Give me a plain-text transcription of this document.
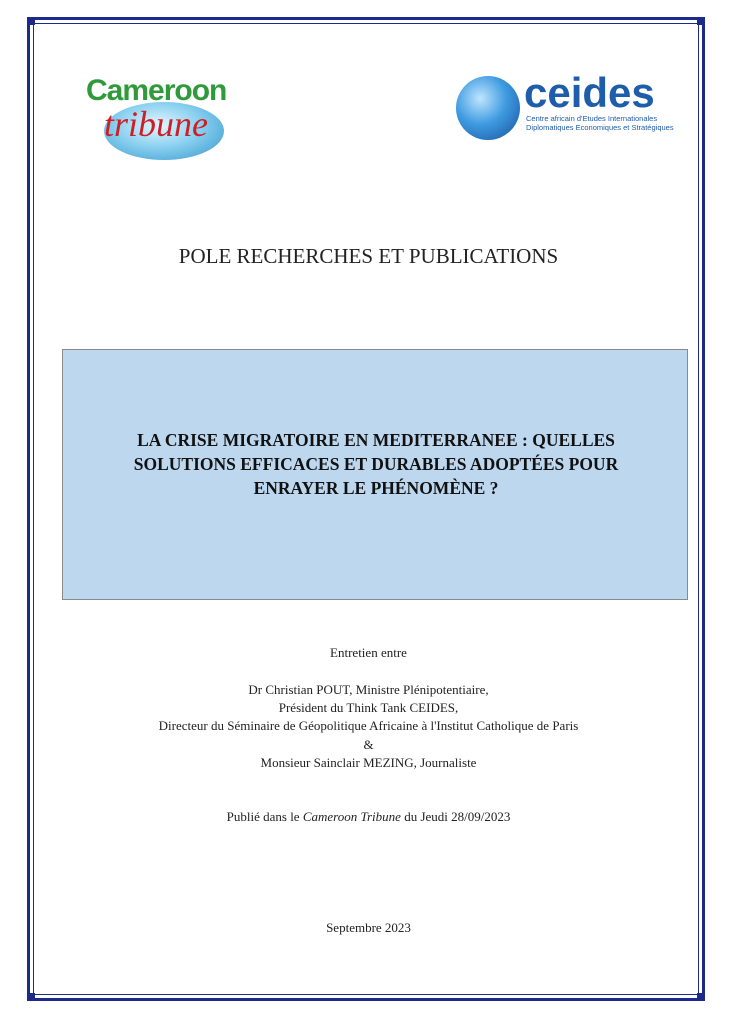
Cameroon
tribune
ceides
Centre africain d'Etudes Internationales
Diplomatiques Economiques et Stratégiques
POLE RECHERCHES ET PUBLICATIONS
LA CRISE MIGRATOIRE EN MEDITERRANEE : QUELLES
SOLUTIONS EFFICACES ET DURABLES ADOPTÉES POUR
ENRAYER LE PHÉNOMÈNE ?
Entretien entre
Dr Christian POUT, Ministre Plénipotentiaire,
Président du Think Tank CEIDES,
Directeur du Séminaire de Géopolitique Africaine à l'Institut Catholique de Paris
&
Monsieur Sainclair MEZING, Journaliste
Publié dans le Cameroon Tribune du Jeudi 28/09/2023
Septembre 2023
